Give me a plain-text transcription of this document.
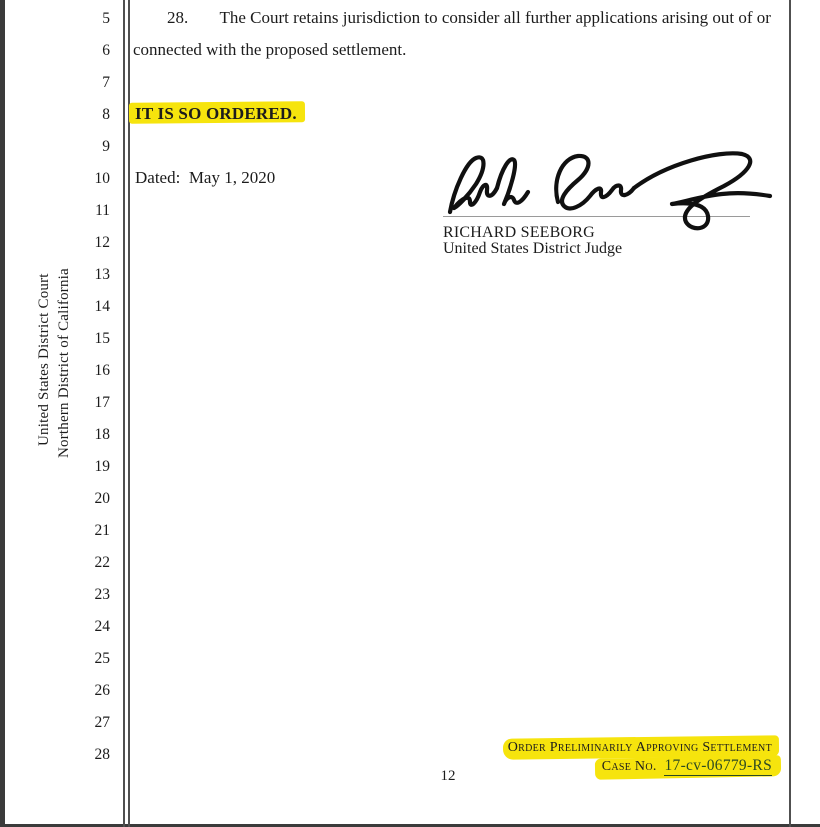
5
6
7
8
9
10
11
12
13
14
15
16
17
18
19
20
21
22
23
24
25
26
27
28
United States District Court Northern District of California
28. The Court retains jurisdiction to consider all further applications arising out of or
connected with the proposed settlement.
IT IS SO ORDERED.
Dated:  May 1, 2020
RICHARD SEEBORG
United States District Judge
Order Preliminarily Approving Settlement
Case No. 17-cv-06779-RS
12
